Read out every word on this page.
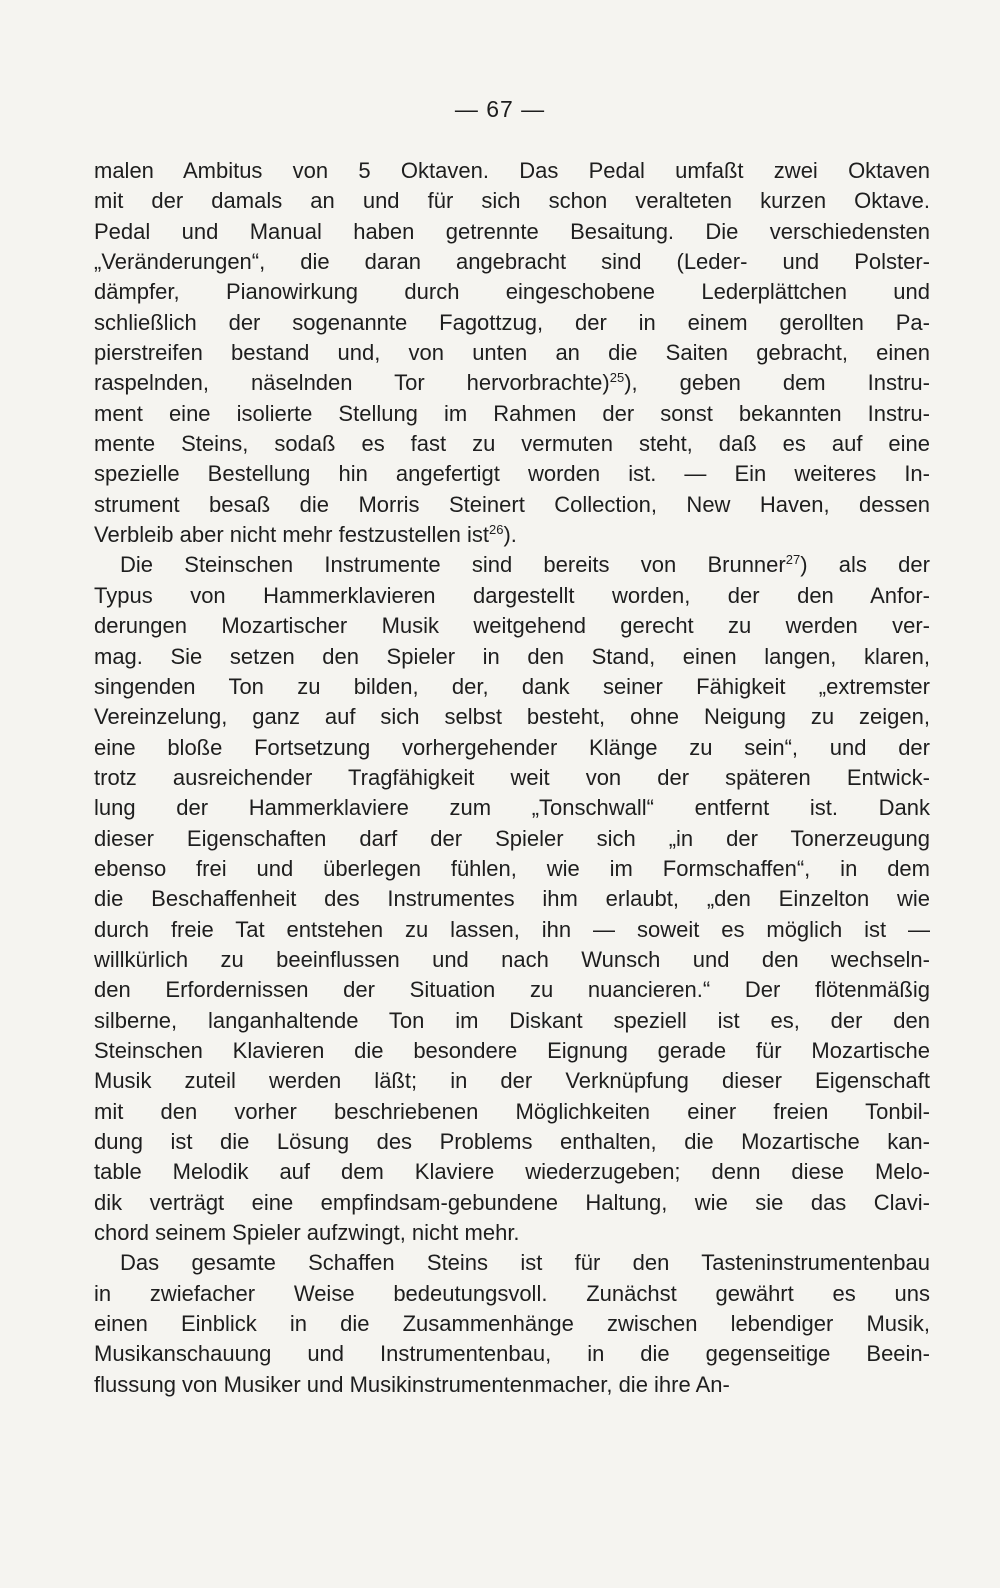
— 67 —
malen Ambitus von 5 Oktaven. Das Pedal umfaßt zwei Oktaven
mit der damals an und für sich schon veralteten kurzen Oktave.
Pedal und Manual haben getrennte Besaitung. Die verschiedensten
„Veränderungen“, die daran angebracht sind (Leder- und Polster-
dämpfer, Pianowirkung durch eingeschobene Lederplättchen und
schließlich der sogenannte Fagottzug, der in einem gerollten Pa-
pierstreifen bestand und, von unten an die Saiten gebracht, einen
raspelnden, näselnden Tor hervorbrachte)$^{25}$), geben dem Instru-
ment eine isolierte Stellung im Rahmen der sonst bekannten Instru-
mente Steins, sodaß es fast zu vermuten steht, daß es auf eine
spezielle Bestellung hin angefertigt worden ist. — Ein weiteres In-
strument besaß die Morris Steinert Collection, New Haven, dessen
Verbleib aber nicht mehr festzustellen ist$^{26}$).
Die Steinschen Instrumente sind bereits von Brunner$^{27}$) als der
Typus von Hammerklavieren dargestellt worden, der den Anfor-
derungen Mozartischer Musik weitgehend gerecht zu werden ver-
mag. Sie setzen den Spieler in den Stand, einen langen, klaren,
singenden Ton zu bilden, der, dank seiner Fähigkeit „extremster
Vereinzelung, ganz auf sich selbst besteht, ohne Neigung zu zeigen,
eine bloße Fortsetzung vorhergehender Klänge zu sein“, und der
trotz ausreichender Tragfähigkeit weit von der späteren Entwick-
lung der Hammerklaviere zum „Tonschwall“ entfernt ist. Dank
dieser Eigenschaften darf der Spieler sich „in der Tonerzeugung
ebenso frei und überlegen fühlen, wie im Formschaffen“, in dem
die Beschaffenheit des Instrumentes ihm erlaubt, „den Einzelton wie
durch freie Tat entstehen zu lassen, ihn — soweit es möglich ist —
willkürlich zu beeinflussen und nach Wunsch und den wechseln-
den Erfordernissen der Situation zu nuancieren.“ Der flötenmäßig
silberne, langanhaltende Ton im Diskant speziell ist es, der den
Steinschen Klavieren die besondere Eignung gerade für Mozartische
Musik zuteil werden läßt; in der Verknüpfung dieser Eigenschaft
mit den vorher beschriebenen Möglichkeiten einer freien Tonbil-
dung ist die Lösung des Problems enthalten, die Mozartische kan-
table Melodik auf dem Klaviere wiederzugeben; denn diese Melo-
dik verträgt eine empfindsam-gebundene Haltung, wie sie das Clavi-
chord seinem Spieler aufzwingt, nicht mehr.
Das gesamte Schaffen Steins ist für den Tasteninstrumentenbau
in zwiefacher Weise bedeutungsvoll. Zunächst gewährt es uns
einen Einblick in die Zusammenhänge zwischen lebendiger Musik,
Musikanschauung und Instrumentenbau, in die gegenseitige Beein-
flussung von Musiker und Musikinstrumentenmacher, die ihre An-
